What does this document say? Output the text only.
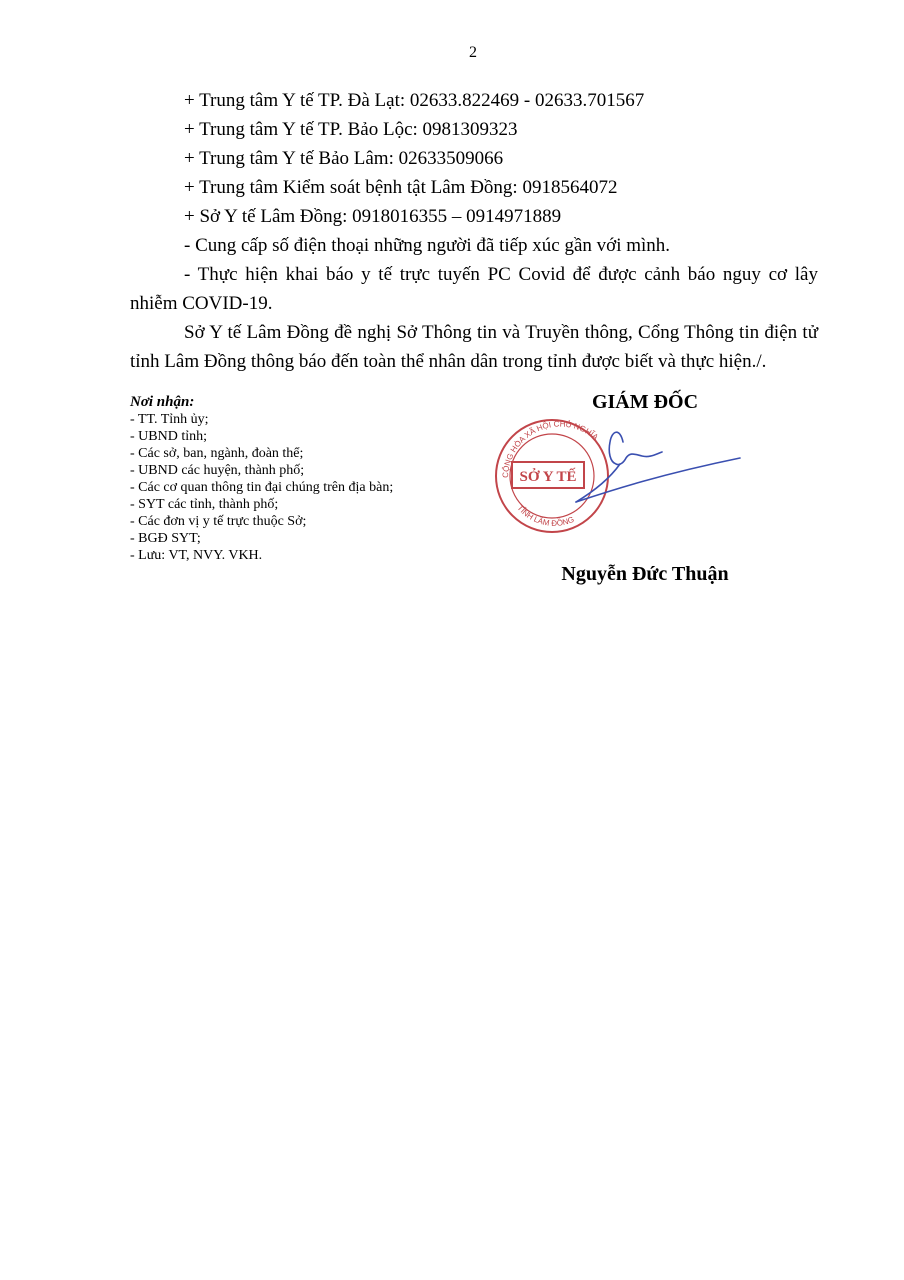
2
+ Trung tâm Y tế TP. Đà Lạt: 02633.822469 - 02633.701567
+ Trung tâm Y tế TP. Bảo Lộc: 0981309323
+ Trung tâm Y tế Bảo Lâm: 02633509066
+ Trung tâm Kiểm soát bệnh tật Lâm Đồng: 0918564072
+ Sở Y tế Lâm Đồng: 0918016355 – 0914971889
- Cung cấp số điện thoại những người đã tiếp xúc gần với mình.
- Thực hiện khai báo y tế trực tuyến PC Covid để được cảnh báo nguy cơ lây nhiễm COVID-19.
Sở Y tế Lâm Đồng đề nghị Sở Thông tin và Truyền thông, Cổng Thông tin điện tử tỉnh Lâm Đồng thông báo đến toàn thể nhân dân trong tỉnh được biết và thực hiện./.
Nơi nhận:
- TT. Tỉnh ủy;
- UBND tỉnh;
- Các sở, ban, ngành, đoàn thể;
- UBND các huyện, thành phố;
- Các cơ quan thông tin đại chúng trên địa bàn;
- SYT các tỉnh, thành phố;
- Các đơn vị y tế trực thuộc Sở;
- BGĐ SYT;
- Lưu: VT, NVY. VKH.
GIÁM ĐỐC
SỞ Y TẾ
CỘNG HÒA XÃ HỘI CHỦ NGHĨA
TỈNH LÂM ĐỒNG
Nguyễn Đức Thuận
